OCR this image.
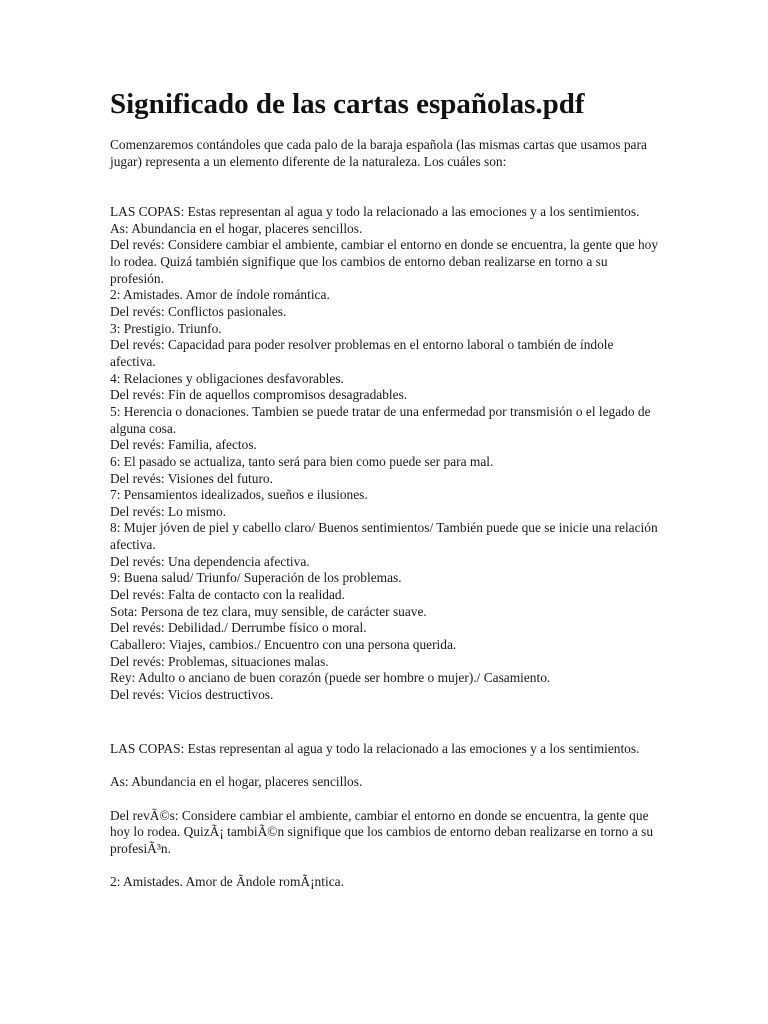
Significado de las cartas españolas.pdf

Comenzaremos contándoles que cada palo de la baraja española (las mismas cartas que usamos para jugar) representa a un elemento diferente de la naturaleza. Los cuáles son:

LAS COPAS: Estas representan al agua y todo la relacionado a las emociones y a los sentimientos.

As: Abundancia en el hogar, placeres sencillos.

Del revés: Considere cambiar el ambiente, cambiar el entorno en donde se encuentra, la gente que hoy lo rodea. Quizá también signifique que los cambios de entorno deban realizarse en torno a su profesión.

2: Amistades. Amor de índole romántica.

Del revés: Conflictos pasionales.

3: Prestigio. Triunfo.

Del revés: Capacidad para poder resolver problemas en el entorno laboral o también de índole afectiva.

4: Relaciones y obligaciones desfavorables.

Del revés: Fin de aquellos compromisos desagradables.

5: Herencia o donaciones. Tambien se puede tratar de una enfermedad por transmisión o el legado de alguna cosa.

Del revés: Familia, afectos.

6: El pasado se actualiza, tanto será para bien como puede ser para mal.

Del revés: Visiones del futuro.

7: Pensamientos idealizados, sueños e ilusiones.

Del revés: Lo mismo.

8: Mujer jóven de piel y cabello claro/ Buenos sentimientos/ También puede que se inicie una relación afectiva.

Del revés: Una dependencia afectiva.

9: Buena salud/ Triunfo/ Superación de los problemas.

Del revés: Falta de contacto con la realidad.

Sota: Persona de tez clara, muy sensible, de carácter suave.

Del revés: Debilidad./ Derrumbe físico o moral.

Caballero: Viajes, cambios./ Encuentro con una persona querida.

Del revés: Problemas, situaciones malas.

Rey: Adulto o anciano de buen corazón (puede ser hombre o mujer)./ Casamiento.

Del revés: Vicios destructivos.

LAS COPAS: Estas representan al agua y todo la relacionado a las emociones y a los sentimientos.

As: Abundancia en el hogar, placeres sencillos.

Del revÃ©s: Considere cambiar el ambiente, cambiar el entorno en donde se encuentra, la gente que hoy lo rodea. QuizÃ¡ tambiÃ©n signifique que los cambios de entorno deban realizarse en torno a su profesiÃ³n.

2: Amistades. Amor de Ãndole romÃ¡ntica.
